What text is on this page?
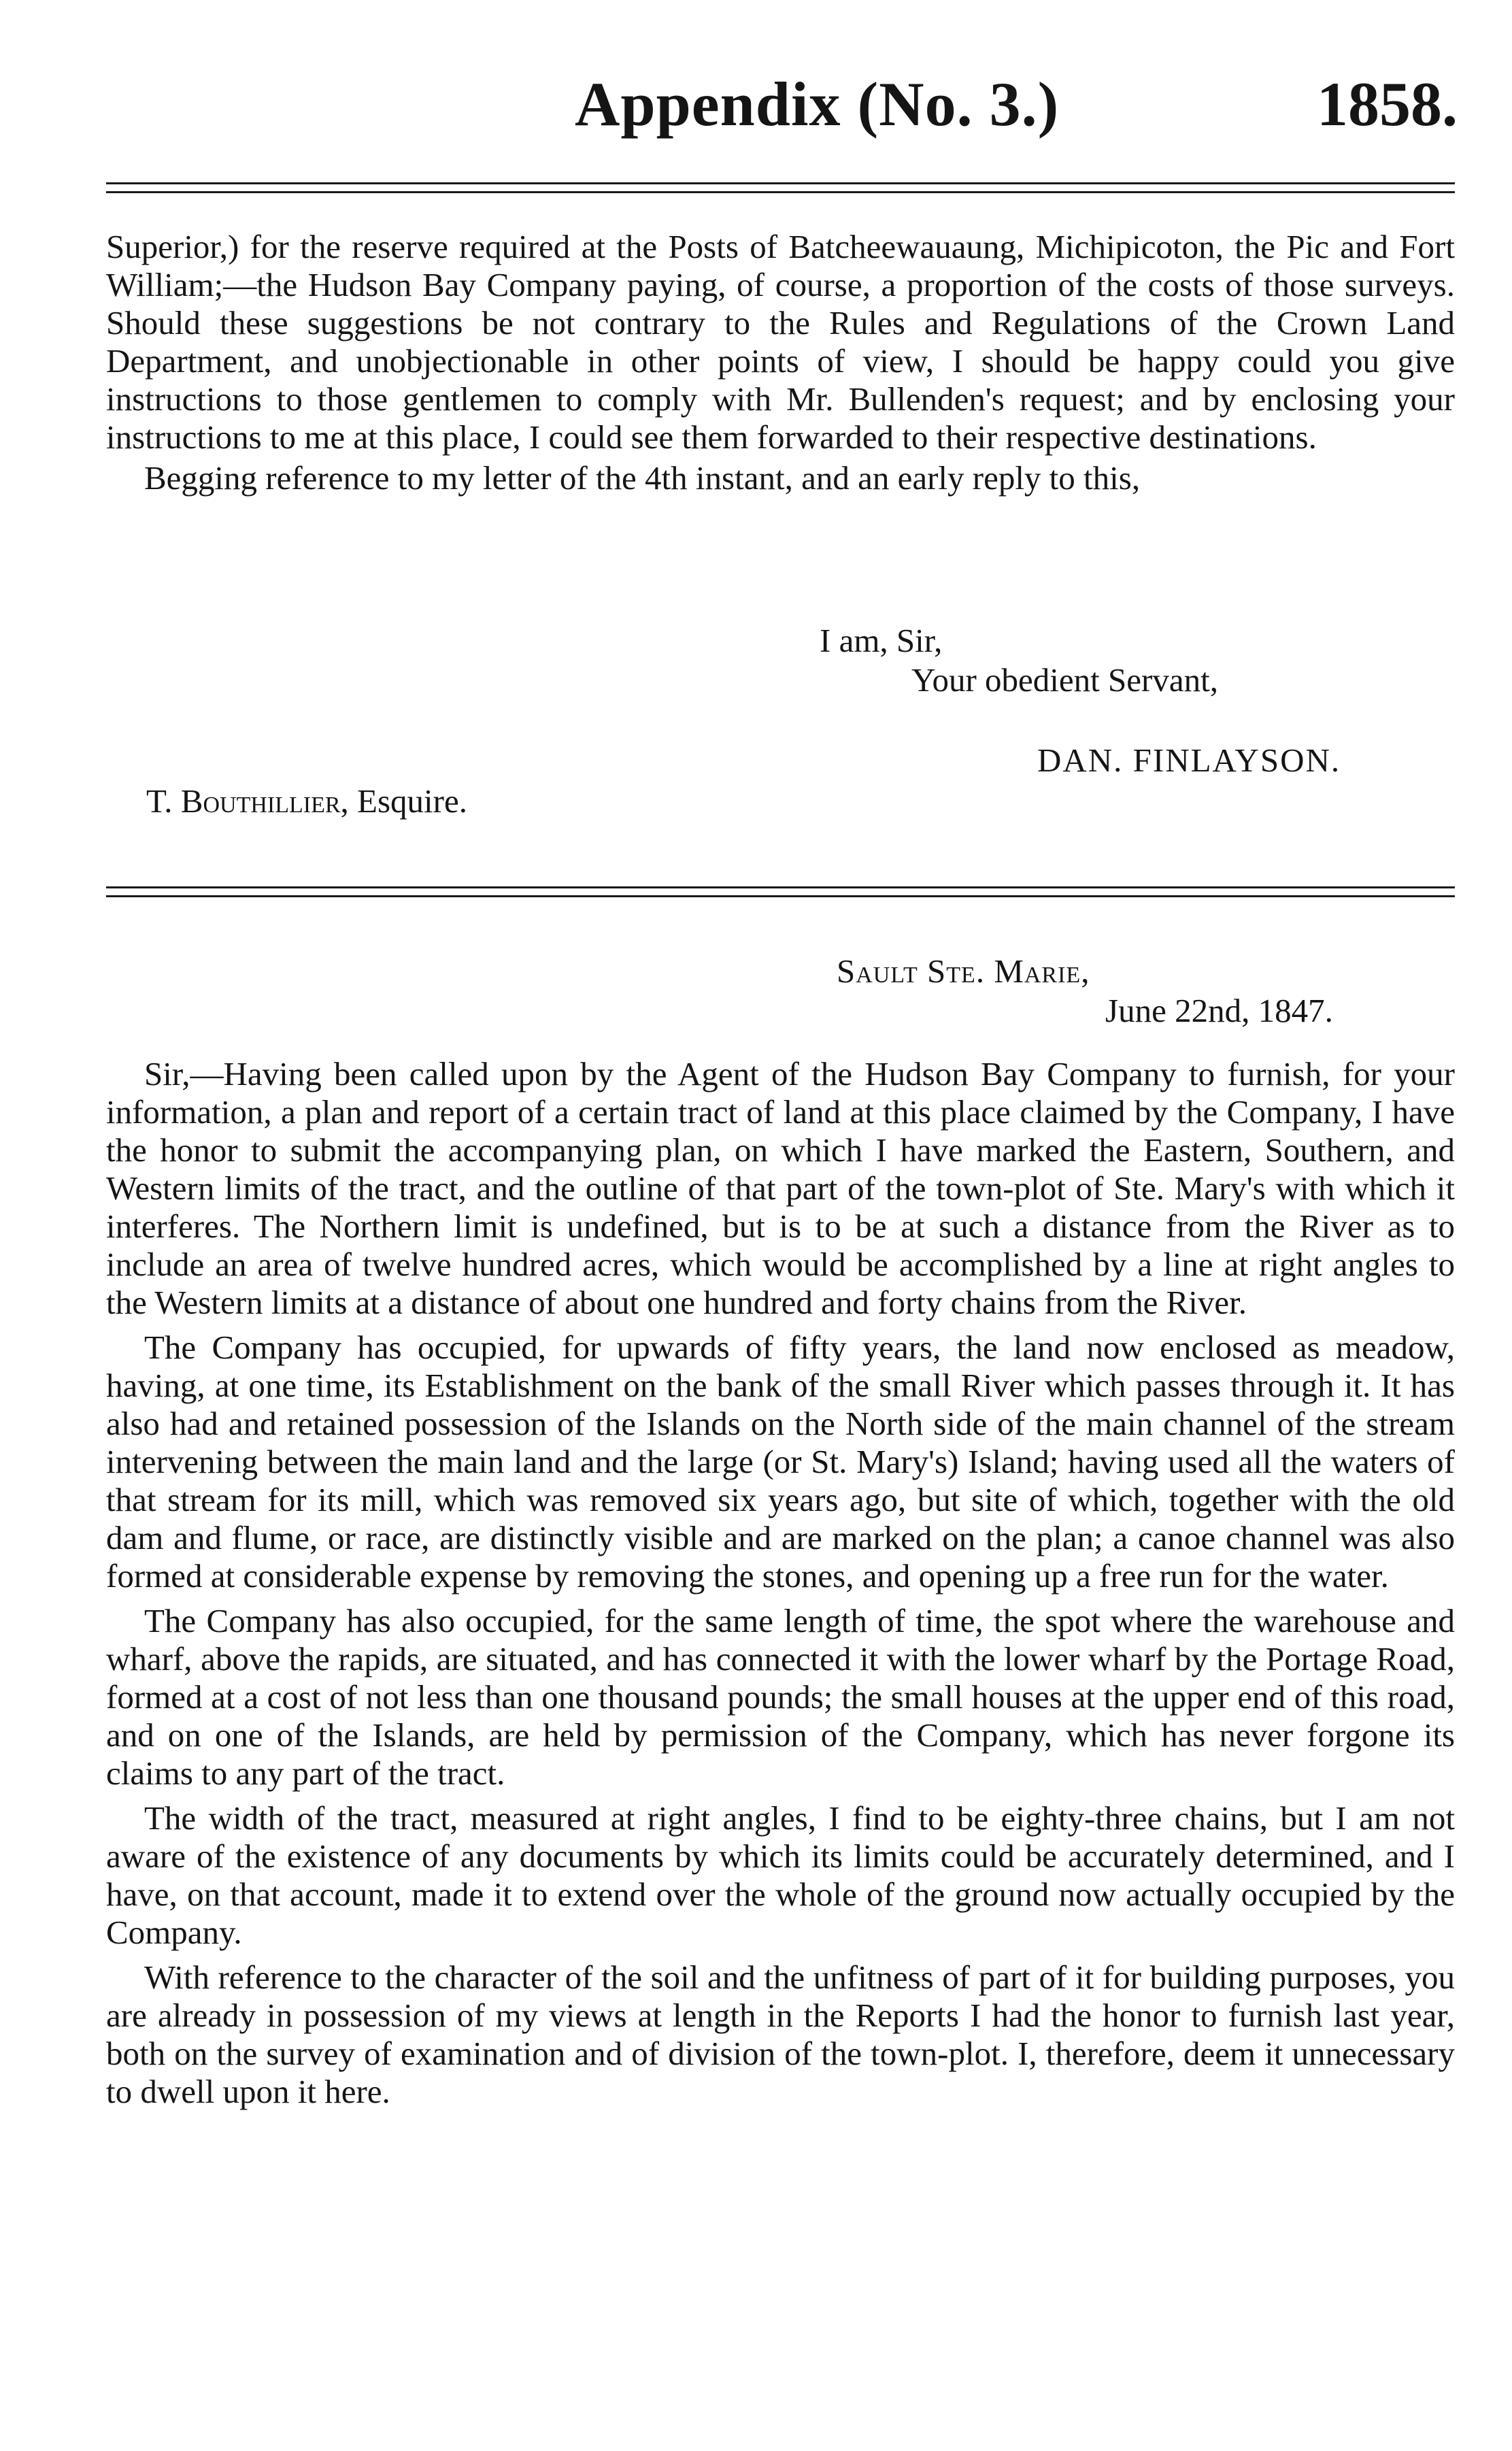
Appendix (No. 3.)	1858.

Superior,) for the reserve required at the Posts of Batcheewauaung, Michipicoton, the Pic and Fort William;—the Hudson Bay Company paying, of course, a proportion of the costs of those surveys. Should these suggestions be not contrary to the Rules and Regulations of the Crown Land Department, and unobjectionable in other points of view, I should be happy could you give instructions to those gentlemen to comply with Mr. Bullenden's request; and by enclosing your instructions to me at this place, I could see them forwarded to their respective destinations.

Begging reference to my letter of the 4th instant, and an early reply to this,

I am, Sir,
Your obedient Servant,
DAN. FINLAYSON.
T. Bouthillier, Esquire.
Sault Ste. Marie,
June 22nd, 1847.

Sir,—Having been called upon by the Agent of the Hudson Bay Company to furnish, for your information, a plan and report of a certain tract of land at this place claimed by the Company, I have the honor to submit the accompanying plan, on which I have marked the Eastern, Southern, and Western limits of the tract, and the outline of that part of the town-plot of Ste. Mary's with which it interferes. The Northern limit is undefined, but is to be at such a distance from the River as to include an area of twelve hundred acres, which would be accomplished by a line at right angles to the Western limits at a distance of about one hundred and forty chains from the River.

The Company has occupied, for upwards of fifty years, the land now enclosed as meadow, having, at one time, its Establishment on the bank of the small River which passes through it. It has also had and retained possession of the Islands on the North side of the main channel of the stream intervening between the main land and the large (or St. Mary's) Island; having used all the waters of that stream for its mill, which was removed six years ago, but site of which, together with the old dam and flume, or race, are distinctly visible and are marked on the plan; a canoe channel was also formed at considerable expense by removing the stones, and opening up a free run for the water.

The Company has also occupied, for the same length of time, the spot where the warehouse and wharf, above the rapids, are situated, and has connected it with the lower wharf by the Portage Road, formed at a cost of not less than one thousand pounds; the small houses at the upper end of this road, and on one of the Islands, are held by permission of the Company, which has never forgone its claims to any part of the tract.

The width of the tract, measured at right angles, I find to be eighty-three chains, but I am not aware of the existence of any documents by which its limits could be accurately determined, and I have, on that account, made it to extend over the whole of the ground now actually occupied by the Company.

With reference to the character of the soil and the unfitness of part of it for building purposes, you are already in possession of my views at length in the Reports I had the honor to furnish last year, both on the survey of examination and of division of the town-plot. I, therefore, deem it unnecessary to dwell upon it here.
